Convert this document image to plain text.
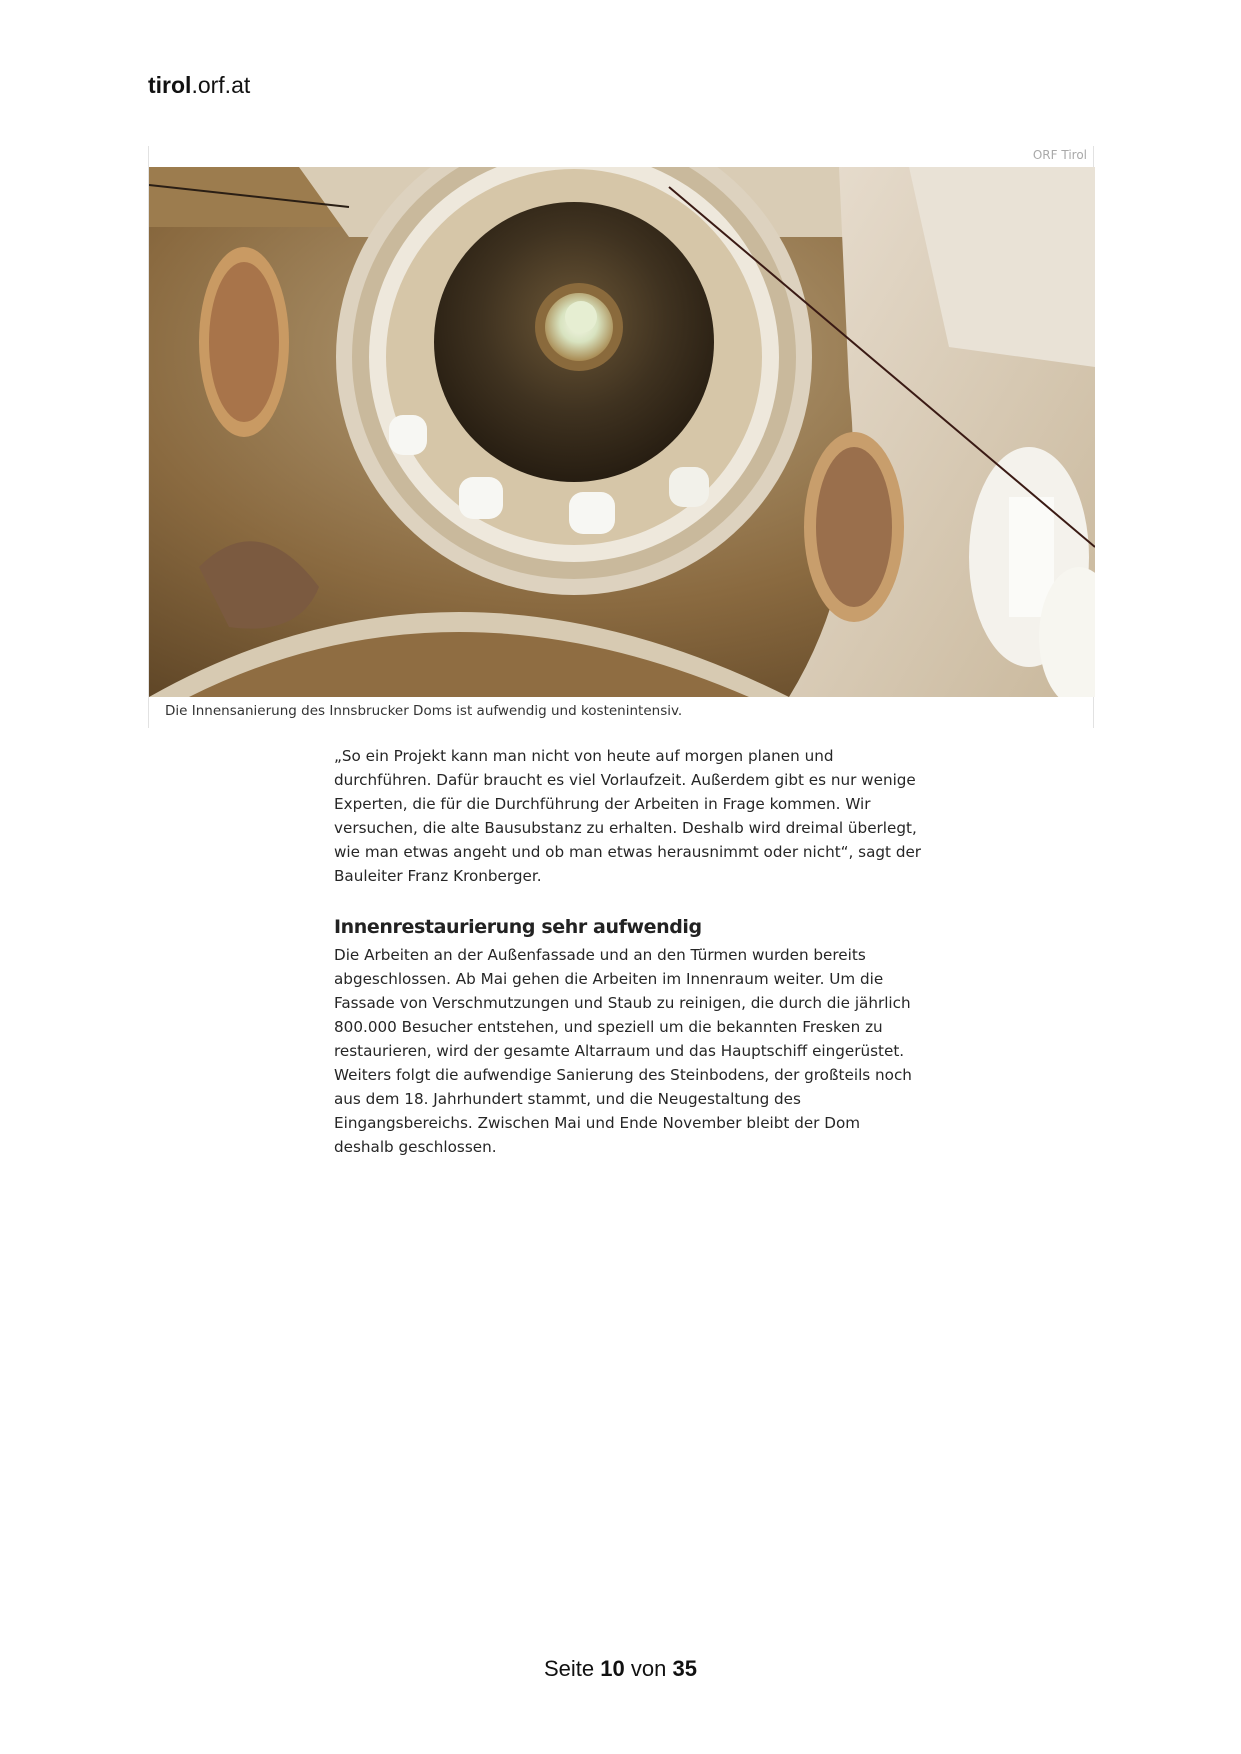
tirol.orf.at
ORF Tirol
Die Innensanierung des Innsbrucker Doms ist aufwendig und kostenintensiv.

„So ein Projekt kann man nicht von heute auf morgen planen und durchführen. Dafür braucht es viel Vorlaufzeit. Außerdem gibt es nur wenige Experten, die für die Durchführung der Arbeiten in Frage kommen. Wir versuchen, die alte Bausubstanz zu erhalten. Deshalb wird dreimal überlegt, wie man etwas angeht und ob man etwas herausnimmt oder nicht“, sagt der Bauleiter Franz Kronberger.

Innenrestaurierung sehr aufwendig

Die Arbeiten an der Außenfassade und an den Türmen wurden bereits abgeschlossen. Ab Mai gehen die Arbeiten im Innenraum weiter. Um die Fassade von Verschmutzungen und Staub zu reinigen, die durch die jährlich 800.000 Besucher entstehen, und speziell um die bekannten Fresken zu restaurieren, wird der gesamte Altarraum und das Hauptschiff eingerüstet. Weiters folgt die aufwendige Sanierung des Steinbodens, der großteils noch aus dem 18. Jahrhundert stammt, und die Neugestaltung des Eingangsbereichs. Zwischen Mai und Ende November bleibt der Dom deshalb geschlossen.

Seite 10 von 35
